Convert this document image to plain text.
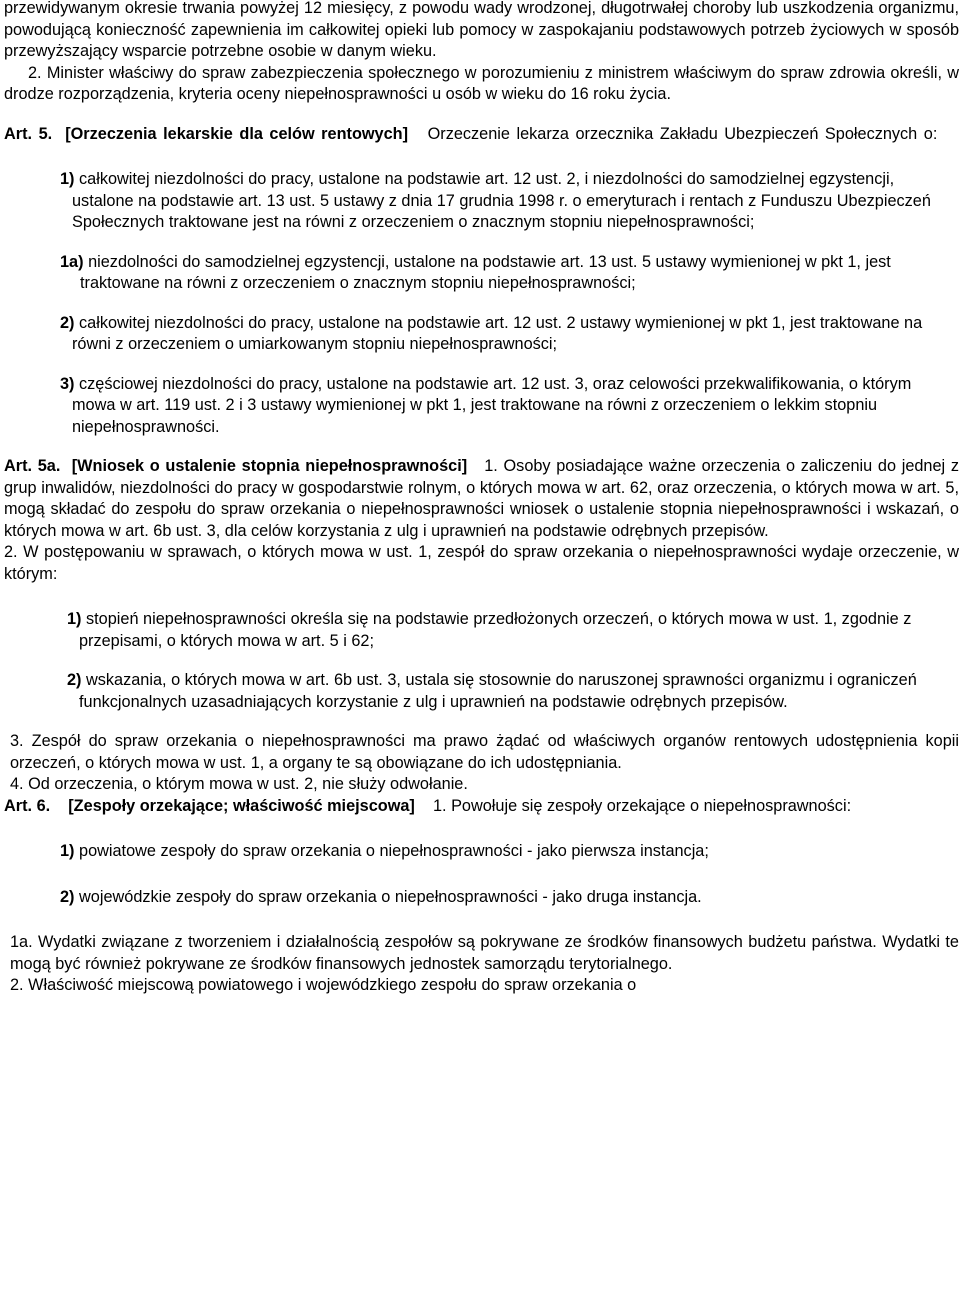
przewidywanym okresie trwania powyżej 12 miesięcy, z powodu wady wrodzonej, długotrwałej choroby lub uszkodzenia organizmu, powodującą konieczność zapewnienia im całkowitej opieki lub pomocy w zaspokajaniu podstawowych potrzeb życiowych w sposób przewyższający wsparcie potrzebne osobie w danym wieku.

2. Minister właściwy do spraw zabezpieczenia społecznego w porozumieniu z ministrem właściwym do spraw zdrowia określi, w drodze rozporządzenia, kryteria oceny niepełnosprawności u osób w wieku do 16 roku życia.

Art. 5. [Orzeczenia lekarskie dla celów rentowych] Orzeczenie lekarza orzecznika Zakładu Ubezpieczeń Społecznych o:

1) całkowitej niezdolności do pracy, ustalone na podstawie art. 12 ust. 2, i niezdolności do samodzielnej egzystencji, ustalone na podstawie art. 13 ust. 5 ustawy z dnia 17 grudnia 1998 r. o emeryturach i rentach z Funduszu Ubezpieczeń Społecznych traktowane jest na równi z orzeczeniem o znacznym stopniu niepełnosprawności;

1a) niezdolności do samodzielnej egzystencji, ustalone na podstawie art. 13 ust. 5 ustawy wymienionej w pkt 1, jest traktowane na równi z orzeczeniem o znacznym stopniu niepełnosprawności;

2) całkowitej niezdolności do pracy, ustalone na podstawie art. 12 ust. 2 ustawy wymienionej w pkt 1, jest traktowane na równi z orzeczeniem o umiarkowanym stopniu niepełnosprawności;

3) częściowej niezdolności do pracy, ustalone na podstawie art. 12 ust. 3, oraz celowości przekwalifikowania, o którym mowa w art. 119 ust. 2 i 3 ustawy wymienionej w pkt 1, jest traktowane na równi z orzeczeniem o lekkim stopniu niepełnosprawności.

Art. 5a. [Wniosek o ustalenie stopnia niepełnosprawności] 1. Osoby posiadające ważne orzeczenia o zaliczeniu do jednej z grup inwalidów, niezdolności do pracy w gospodarstwie rolnym, o których mowa w art. 62, oraz orzeczenia, o których mowa w art. 5, mogą składać do zespołu do spraw orzekania o niepełnosprawności wniosek o ustalenie stopnia niepełnosprawności i wskazań, o których mowa w art. 6b ust. 3, dla celów korzystania z ulg i uprawnień na podstawie odrębnych przepisów.

2. W postępowaniu w sprawach, o których mowa w ust. 1, zespół do spraw orzekania o niepełnosprawności wydaje orzeczenie, w którym:

1) stopień niepełnosprawności określa się na podstawie przedłożonych orzeczeń, o których mowa w ust. 1, zgodnie z przepisami, o których mowa w art. 5 i 62;

2) wskazania, o których mowa w art. 6b ust. 3, ustala się stosownie do naruszonej sprawności organizmu i ograniczeń funkcjonalnych uzasadniających korzystanie z ulg i uprawnień na podstawie odrębnych przepisów.

3. Zespół do spraw orzekania o niepełnosprawności ma prawo żądać od właściwych organów rentowych udostępnienia kopii orzeczeń, o których mowa w ust. 1, a organy te są obowiązane do ich udostępniania.

4. Od orzeczenia, o którym mowa w ust. 2, nie służy odwołanie.

Art. 6. [Zespoły orzekające; właściwość miejscowa] 1. Powołuje się zespoły orzekające o niepełnosprawności:

1) powiatowe zespoły do spraw orzekania o niepełnosprawności - jako pierwsza instancja;

2) wojewódzkie zespoły do spraw orzekania o niepełnosprawności - jako druga instancja.

1a. Wydatki związane z tworzeniem i działalnością zespołów są pokrywane ze środków finansowych budżetu państwa. Wydatki te mogą być również pokrywane ze środków finansowych jednostek samorządu terytorialnego.

2. Właściwość miejscową powiatowego i wojewódzkiego zespołu do spraw orzekania o
